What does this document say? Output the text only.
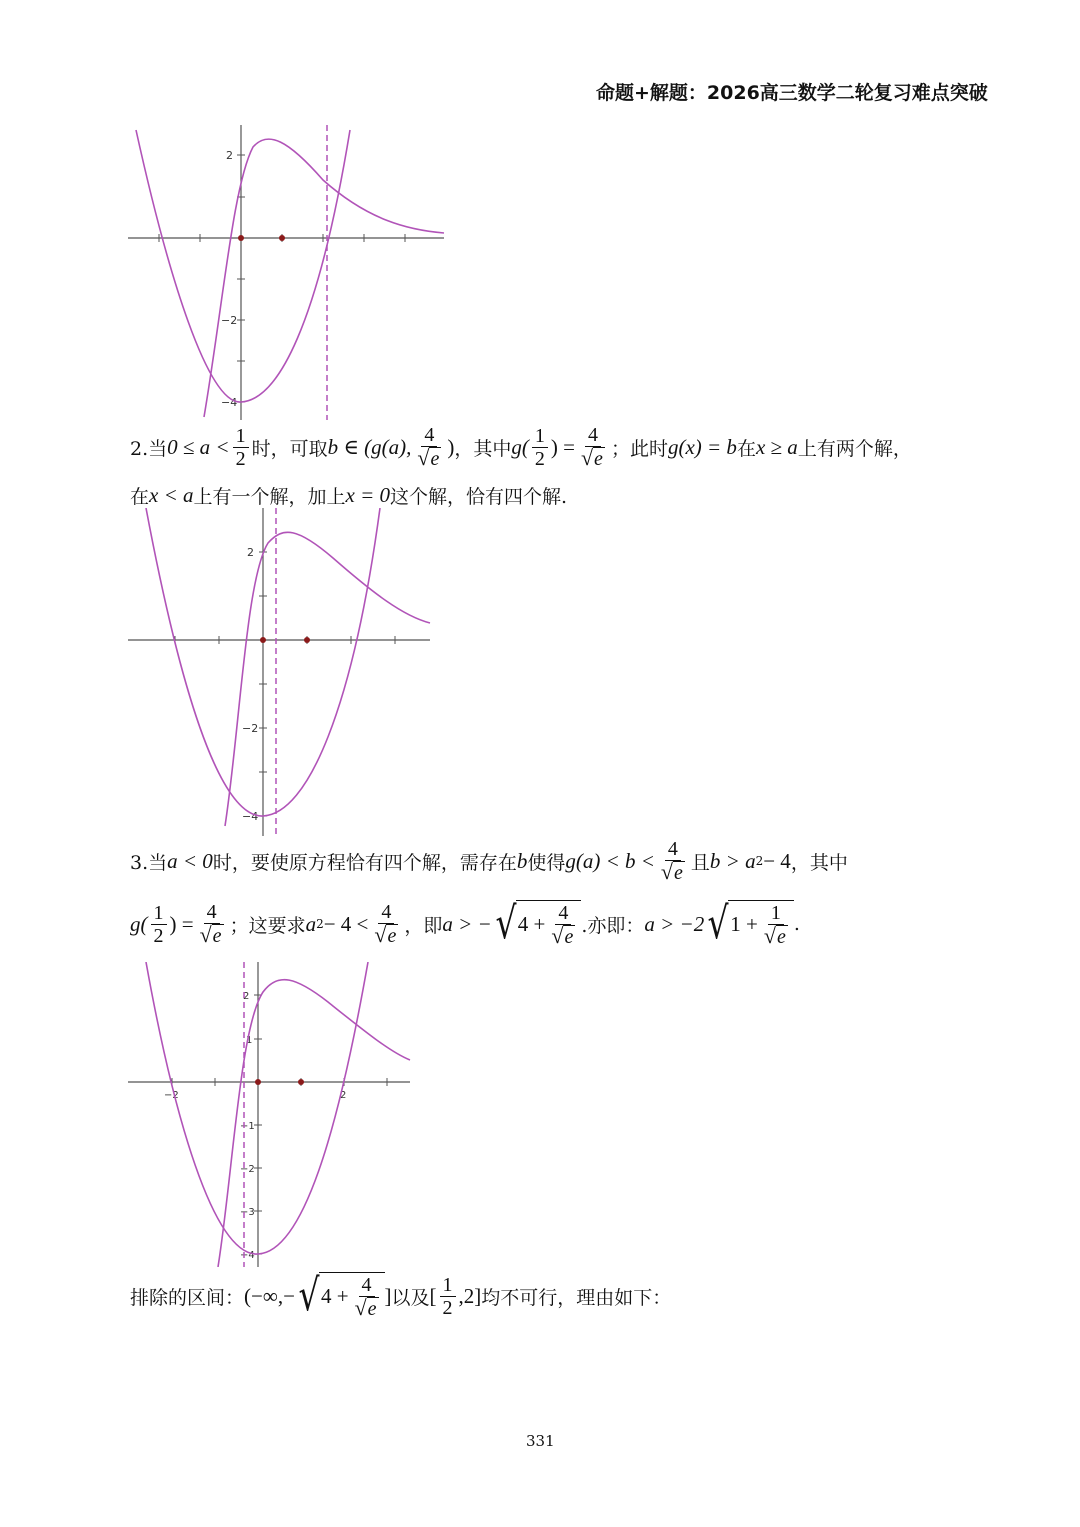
命题+解题：2026高三数学二轮复习难点突破
2
−2
−4
2.当 $0 \le a < \frac{1}{2}$ 时，可取 b ∈ (g(a), $\frac{4}{√e}$ ) ，其中 $g( \frac{1}{2}$ ) = $\frac{4}{√e}$ ；此时 g(x) = b 在 x ≥ a 上有两个解，
在 x < a 上有一个解，加上 x = 0 这个解，恰有四个解.
2
−2
−4
3.当 a < 0 时，要使原方程恰有四个解，需存在 b 使得 $g(a) < b < \frac{4}{√e}$ 且 b > a 2 − 4 ，其中
$g( \frac{1}{2}$ ) = $\frac{4}{√e}$ ；这要求 a $2 - 4 < \frac{4}{√e}$ ，即 a > − √ $4 + \frac{4}{√e}$ .亦即： a > −2 √ $1 + \frac{1}{√e}$ .
2
1
−1
−2
−3
−4
−2	2
排除的区间： (−∞,− √ $4 + \frac{4}{√e}$ ] 以及 [ $\frac{1}{2} ,2$] 均不可行，理由如下：
331
